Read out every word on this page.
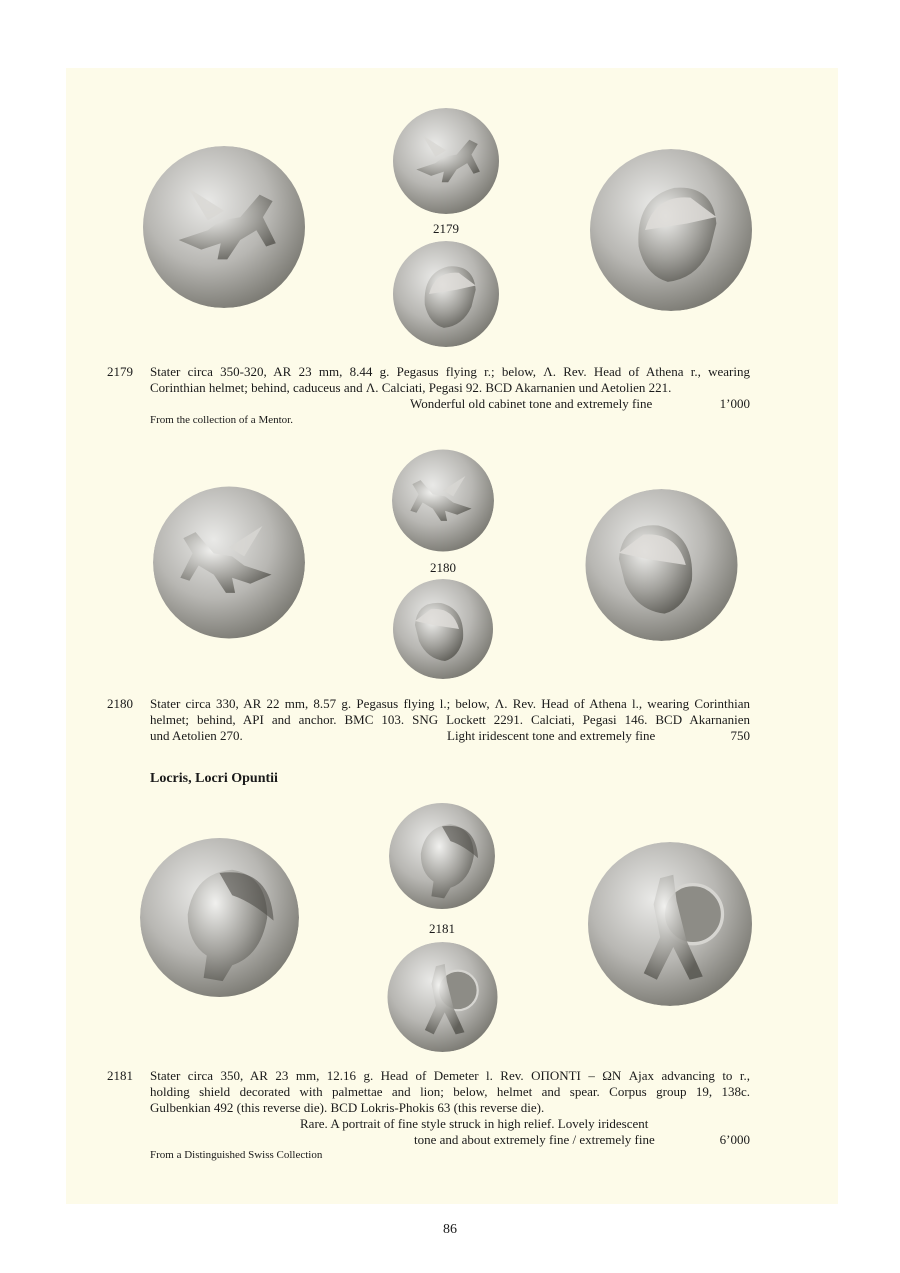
2179
2179 Stater circa 350-320, AR 23 mm, 8.44 g. Pegasus flying r.; below, Λ. Rev. Head of Athena r., wearing
Corinthian helmet; behind, caduceus and Λ. Calciati, Pegasi 92. BCD Akarnanien und Aetolien 221.
Wonderful old cabinet tone and extremely fine	1’000
From the collection of a Mentor.
2180
2180 Stater circa 330, AR 22 mm, 8.57 g. Pegasus flying l.; below, Λ. Rev. Head of Athena l., wearing Corinthian
helmet; behind, API and anchor. BMC 103. SNG Lockett 2291. Calciati, Pegasi 146. BCD Akarnanien
und Aetolien 270.	Light iridescent tone and extremely fine	750
Locris, Locri Opuntii
2181
2181 Stater circa 350, AR 23 mm, 12.16 g. Head of Demeter l. Rev. ΟΠΟΝΤΙ – ΩΝ Ajax advancing to r.,
holding shield decorated with palmettae and lion; below, helmet and spear. Corpus group 19, 138c.
Gulbenkian 492 (this reverse die). BCD Lokris-Phokis 63 (this reverse die).
Rare. A portrait of fine style struck in high relief. Lovely iridescent
tone and about extremely fine / extremely fine	6’000
From a Distinguished Swiss Collection
86
